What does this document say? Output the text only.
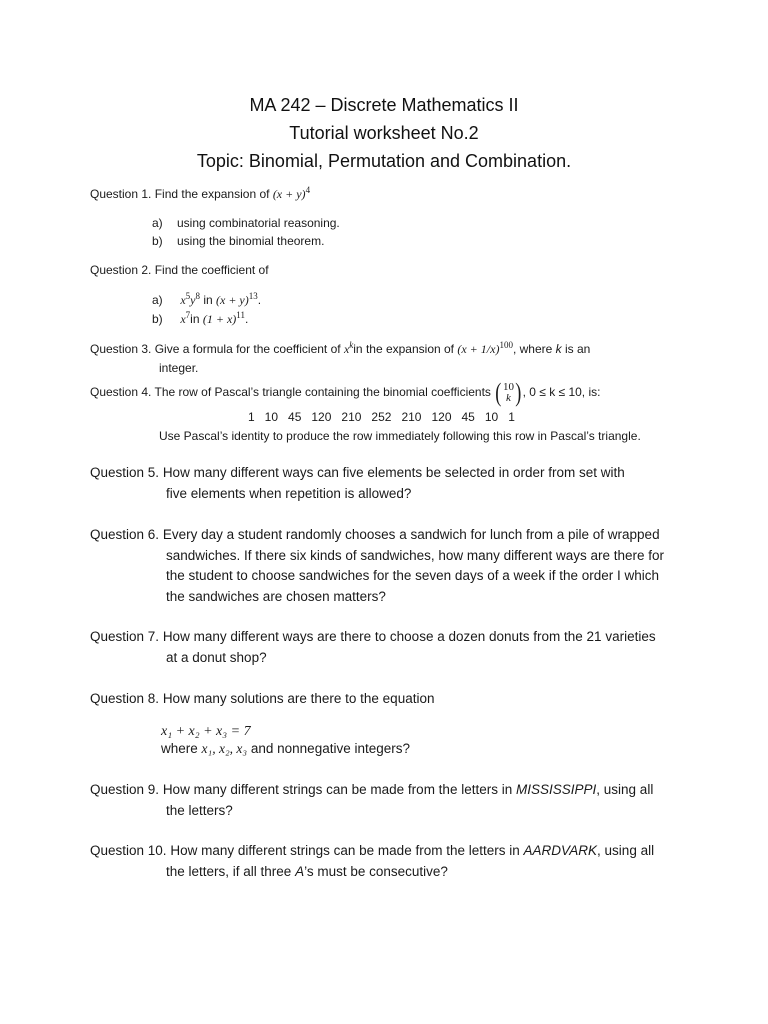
MA 242 – Discrete Mathematics II
Tutorial worksheet No.2
Topic: Binomial, Permutation and Combination.
Question 1. Find the expansion of $(x + y)^4$
a) using combinatorial reasoning.
b) using the binomial theorem.
Question 2. Find the coefficient of
a) $x^5y^8$ in $(x + y)^{13}$.
b) $x^7in$ $(1 + x)^{11}$.
Question 3. Give a formula for the coefficient of $x^kin$ the expansion of $(x + 1/x)^{100}$, where k is an
integer.
Question 4. The row of Pascal’s triangle containing the binomial coefficients ( 10
k ) , 0 ≤ k ≤ 10, is:
1   10   45   120   210   252   210   120   45   10   1
Use Pascal’s identity to produce the row immediately following this row in Pascal’s triangle.
Question 5. How many different ways can five elements be selected in order from set with
five elements when repetition is allowed?
Question 6. Every day a student randomly chooses a sandwich for lunch from a pile of wrapped
sandwiches. If there six kinds of sandwiches, how many different ways are there for
the student to choose sandwiches for the seven days of a week if the order I which
the sandwiches are chosen matters?
Question 7. How many different ways are there to choose a dozen donuts from the 21 varieties
at a donut shop?
Question 8. How many solutions are there to the equation
x₁ + x₂ + x₃ = 7
where x₁, x₂, x₃ and nonnegative integers?
Question 9. How many different strings can be made from the letters in MISSISSIPPI, using all
the letters?
Question 10. How many different strings can be made from the letters in AARDVARK, using all
the letters, if all three A’s must be consecutive?
